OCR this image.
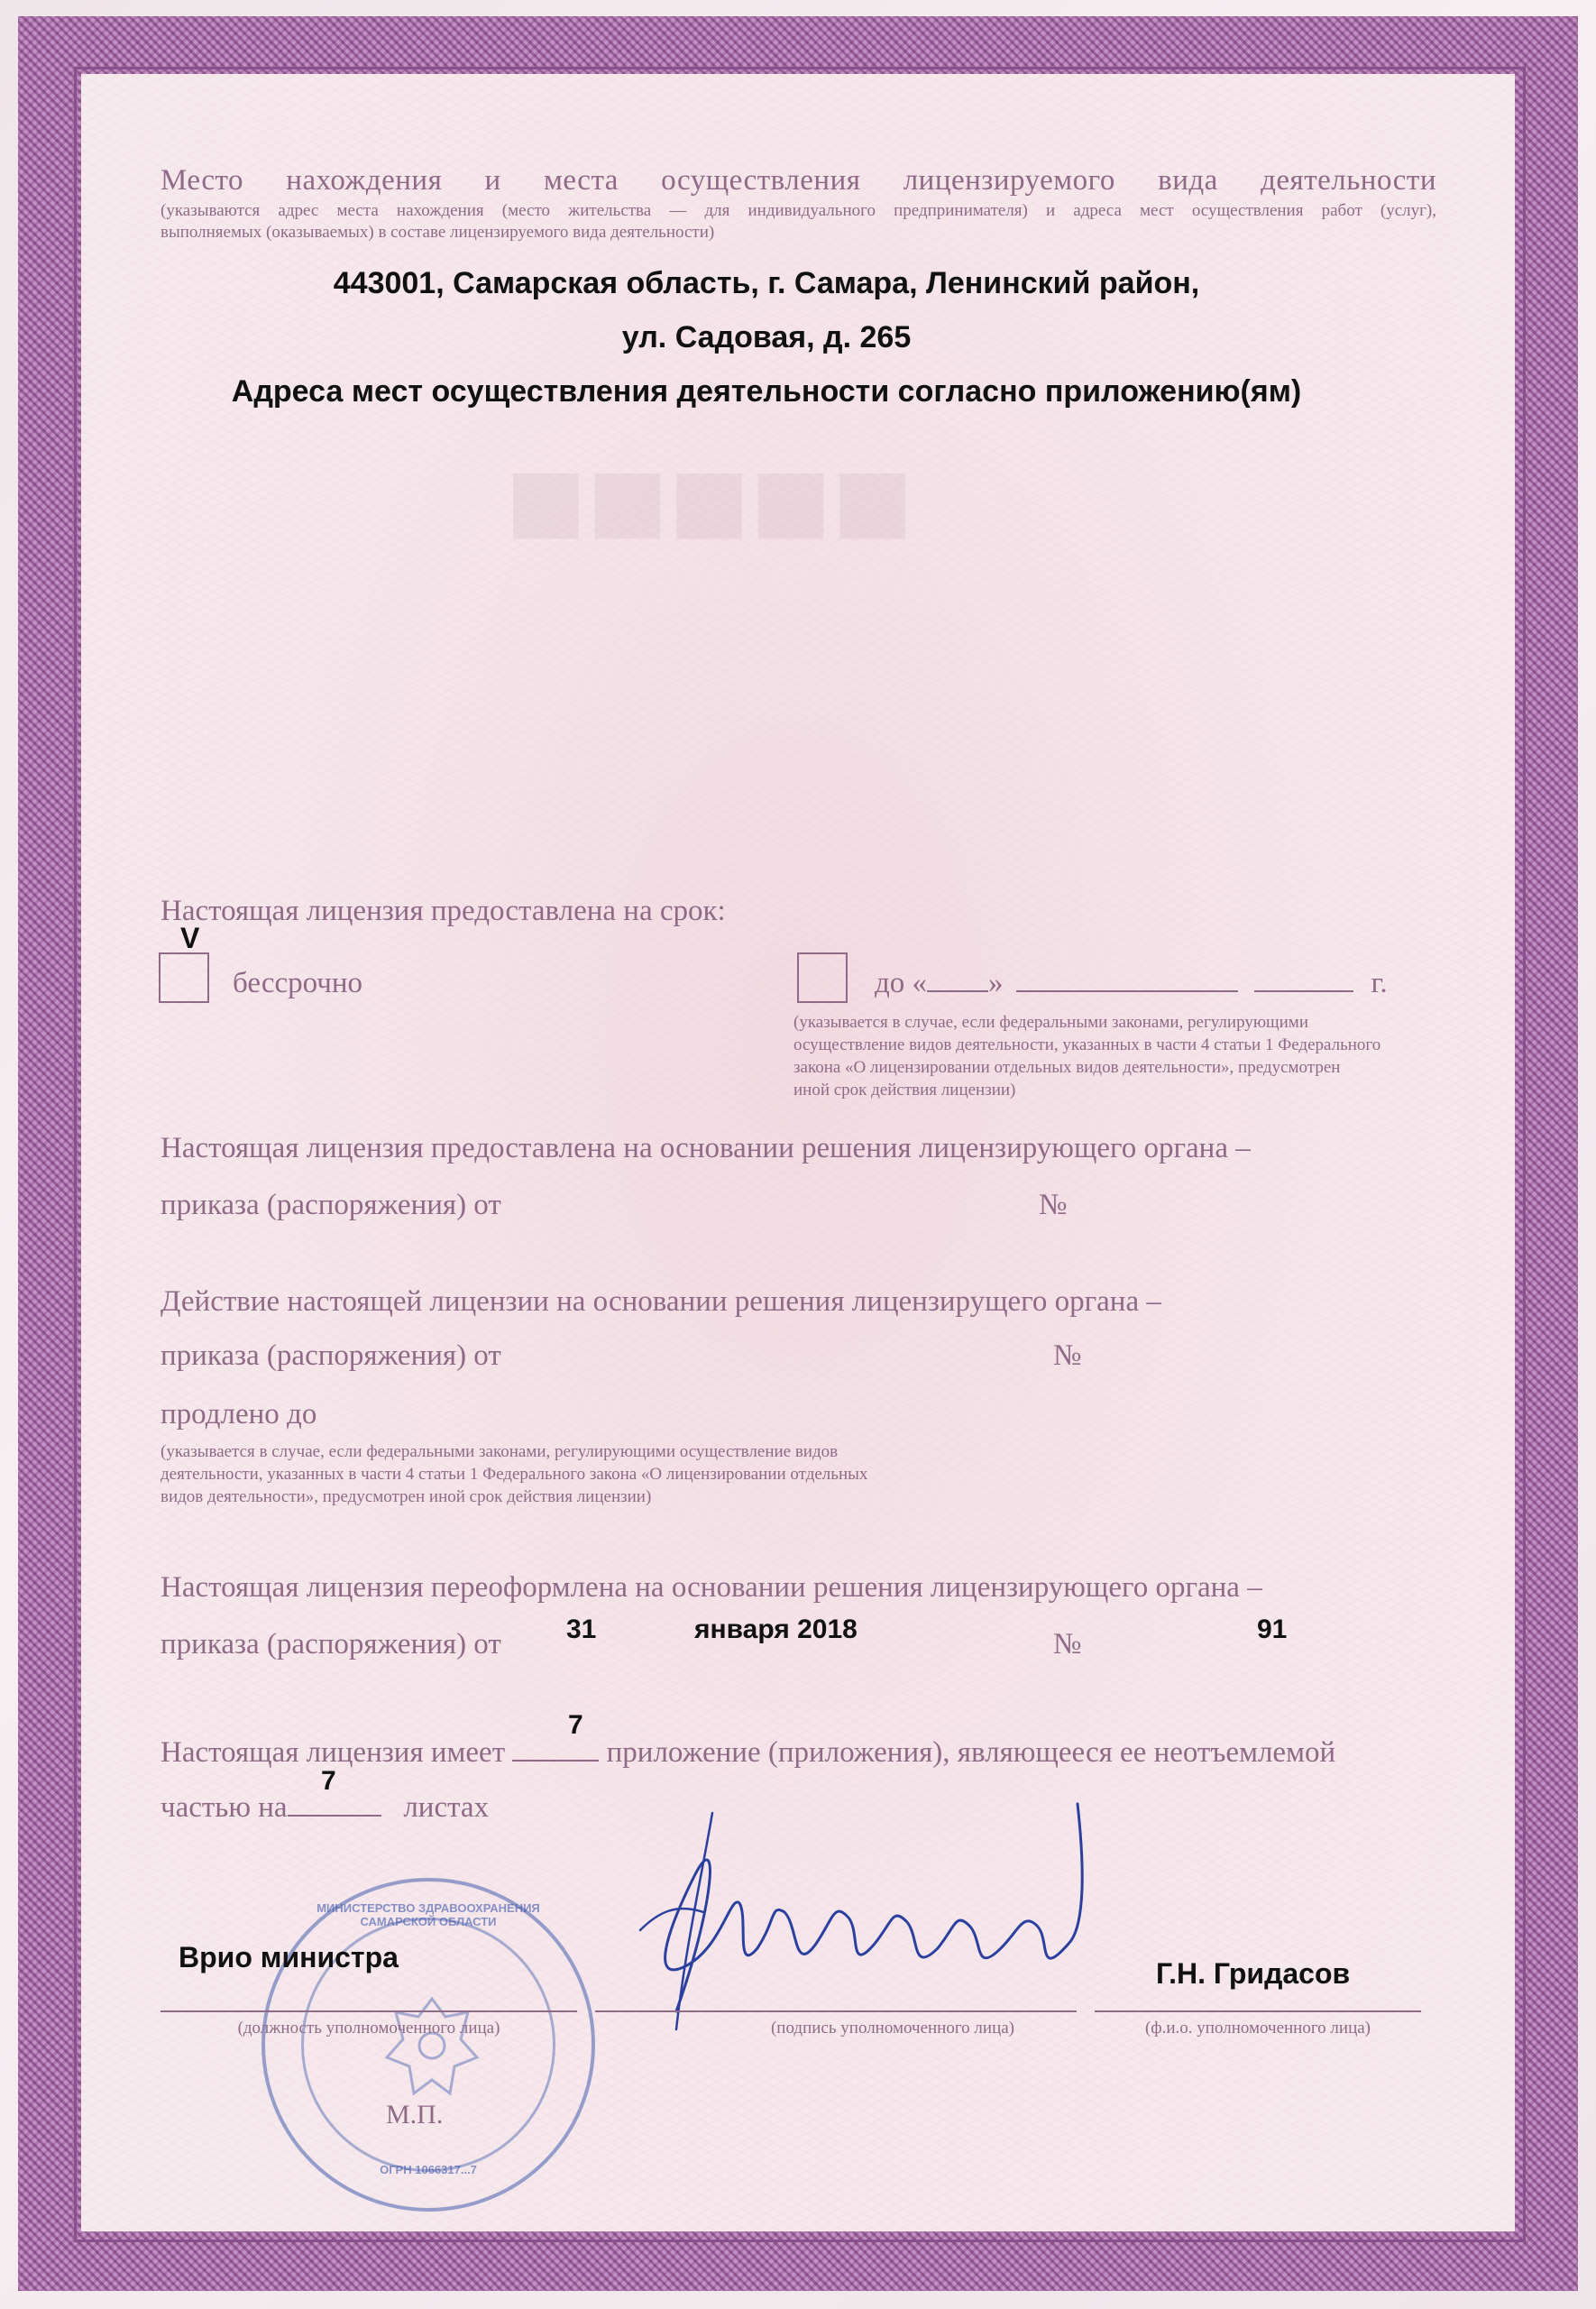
■■■■■
Место нахождения и места осуществления лицензируемого вида деятельности
(указываются адрес места нахождения (место жительства — для индивидуального предпринимателя) и адреса мест осуществления работ (услуг),
выполняемых (оказываемых) в составе лицензируемого вида деятельности)
443001, Самарская область, г. Самара, Ленинский район,
ул. Садовая, д. 265
Адреса мест осуществления деятельности согласно приложению(ям)
Настоящая лицензия предоставлена на срок:
V
бессрочно	до « »	г.
(указывается в случае, если федеральными законами, регулирующими
осуществление видов деятельности, указанных в части 4 статьи 1 Федерального
закона «О лицензировании отдельных видов деятельности», предусмотрен
иной срок действия лицензии)
Настоящая лицензия предоставлена на основании решения лицензирующего органа –
приказа (распоряжения) от	№
Действие настоящей лицензии на основании решения лицензирущего органа –
приказа (распоряжения) от	№
продлено до
(указывается в случае, если федеральными законами, регулирующими осуществление видов
деятельности, указанных в части 4 статьи 1 Федерального закона «О лицензировании отдельных
видов деятельности», предусмотрен иной срок действия лицензии)
Настоящая лицензия переоформлена на основании решения лицензирующего органа –
приказа (распоряжения) от 31	января 2018	№	91
Настоящая лицензия имеет	приложение (приложения), являющееся ее неотъемлемой
7
частью на	листах
7
МИНИСТЕРСТВО ЗДРАВООХРАНЕНИЯ САМАРСКОЙ ОБЛАСТИ
ОГРН 1066317...7
Врио министра
(должность уполномоченного лица)	(подпись уполномоченного лица)
Г.Н. Гридасов
(ф.и.о. уполномоченного лица)
М.П.
